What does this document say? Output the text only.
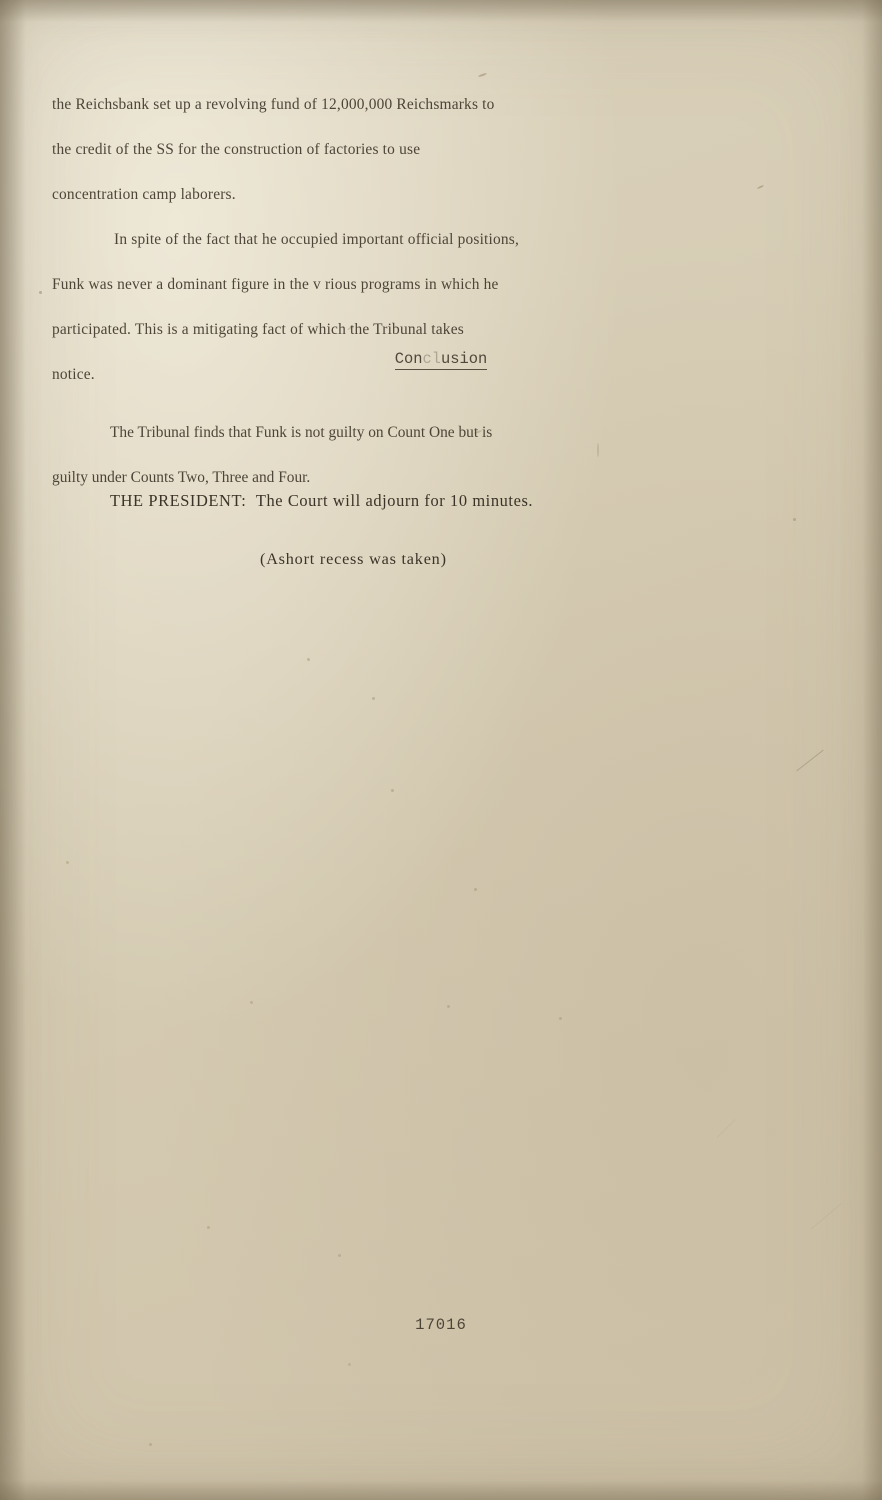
the Reichsbank set up a revolving fund of 12,000,000 Reichsmarks to
the credit of the SS for the construction of factories to use
concentration camp laborers.

In spite of the fact that he occupied important official positions,
Funk was never a dominant figure in the v rious programs in which he
participated. This is a mitigating fact of which the Tribunal takes
notice.

Conclusion
The Tribunal finds that Funk is not guilty on Count One but is
guilty under Counts Two, Three and Four.
THE PRESIDENT: The Court will adjourn for 10 minutes.
(Ashort recess was taken)
17016
